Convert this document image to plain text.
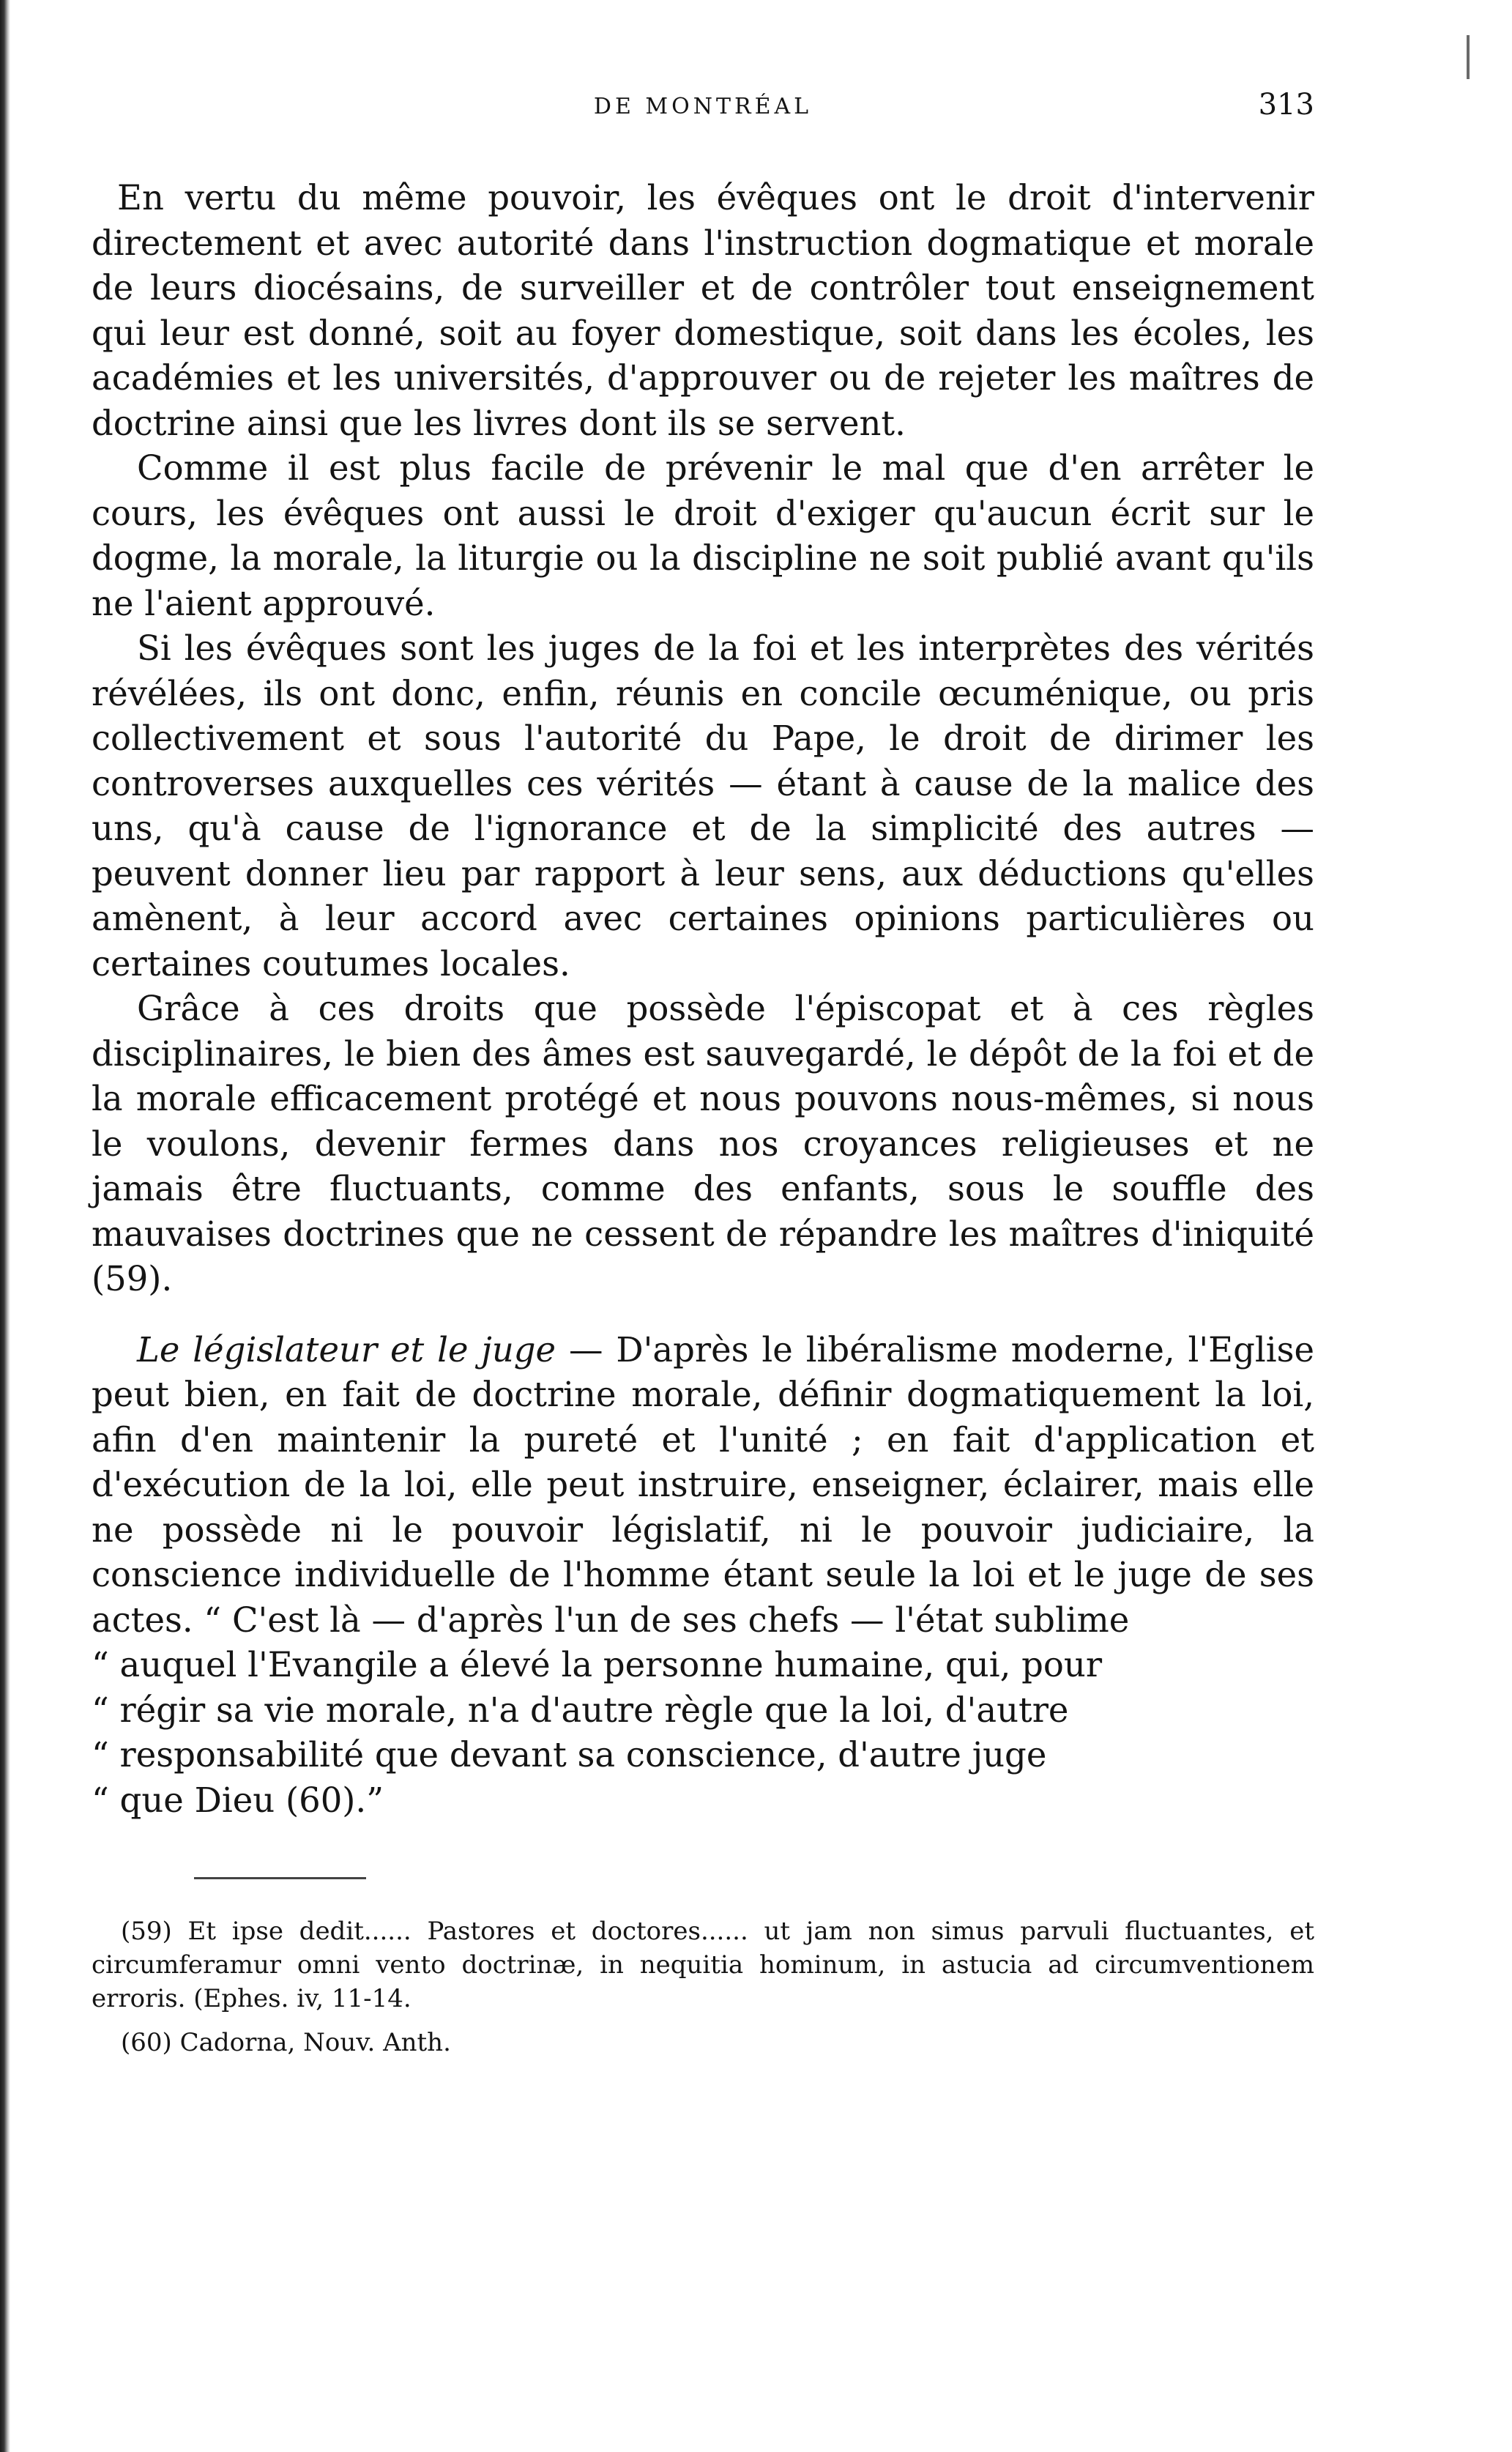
DE MONTRÉAL	313

En vertu du même pouvoir, les évêques ont le droit d'intervenir directement et avec autorité dans l'instruction dogmatique et morale de leurs diocésains, de surveiller et de contrôler tout enseignement qui leur est donné, soit au foyer domestique, soit dans les écoles, les académies et les universités, d'approuver ou de rejeter les maîtres de doctrine ainsi que les livres dont ils se servent.

Comme il est plus facile de prévenir le mal que d'en arrêter le cours, les évêques ont aussi le droit d'exiger qu'aucun écrit sur le dogme, la morale, la liturgie ou la discipline ne soit publié avant qu'ils ne l'aient approuvé.

Si les évêques sont les juges de la foi et les interprètes des vérités révélées, ils ont donc, enfin, réunis en concile œcuménique, ou pris collectivement et sous l'autorité du Pape, le droit de dirimer les controverses auxquelles ces vérités — étant à cause de la malice des uns, qu'à cause de l'ignorance et de la simplicité des autres — peuvent donner lieu par rapport à leur sens, aux déductions qu'elles amènent, à leur accord avec certaines opinions particulières ou certaines coutumes locales.

Grâce à ces droits que possède l'épiscopat et à ces règles disciplinaires, le bien des âmes est sauvegardé, le dépôt de la foi et de la morale efficacement protégé et nous pouvons nous-mêmes, si nous le voulons, devenir fermes dans nos croyances religieuses et ne jamais être fluctuants, comme des enfants, sous le souffle des mauvaises doctrines que ne cessent de répandre les maîtres d'iniquité (59).

Le législateur et le juge — D'après le libéralisme moderne, l'Eglise peut bien, en fait de doctrine morale, définir dogmatiquement la loi, afin d'en maintenir la pureté et l'unité ; en fait d'application et d'exécution de la loi, elle peut instruire, enseigner, éclairer, mais elle ne possède ni le pouvoir législatif, ni le pouvoir judiciaire, la conscience individuelle de l'homme étant seule la loi et le juge de ses actes. “ C'est là — d'après l'un de ses chefs — l'état sublime
“ auquel l'Evangile a élevé la personne humaine, qui, pour
“ régir sa vie morale, n'a d'autre règle que la loi, d'autre
“ responsabilité que devant sa conscience, d'autre juge
“ que Dieu (60).”

(59) Et ipse dedit...... Pastores et doctores...... ut jam non simus parvuli fluctuantes, et circumferamur omni vento doctrinæ, in nequitia hominum, in astucia ad circumventionem erroris. (Ephes. iv, 11-14.

(60) Cadorna, Nouv. Anth.
